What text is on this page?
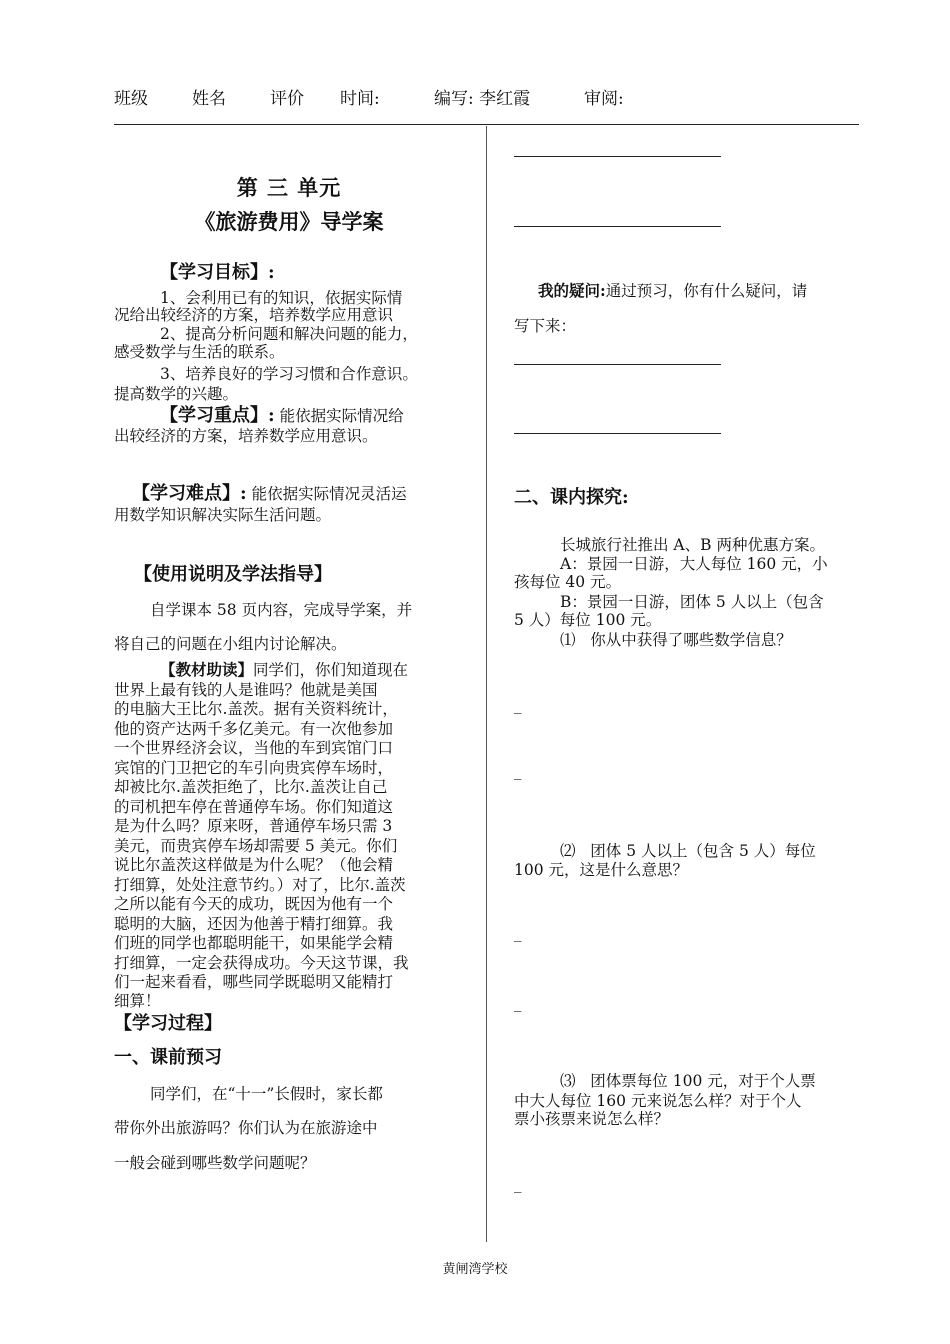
班级	姓名	评价 时间:	编写: 李红霞	审阅:
第 三 单元
《旅游费用》导学案
【学习目标】:
1、会利用已有的知识，依据实际情
况给出较经济的方案，培养数学应用意识
2、提高分析问题和解决问题的能力，
感受数学与生活的联系。
3、培养良好的学习习惯和合作意识。
提高数学的兴趣。
【学习重点】: 能依据实际情况给
出较经济的方案，培养数学应用意识。
【学习难点】: 能依据实际情况灵活运
用数学知识解决实际生活问题。
【使用说明及学法指导】
自学课本 58 页内容，完成导学案，并
将自己的问题在小组内讨论解决。
【教材助读】同学们，你们知道现在
世界上最有钱的人是谁吗？他就是美国
的电脑大王比尔.盖茨。据有关资料统计，
他的资产达两千多亿美元。有一次他参加
一个世界经济会议，当他的车到宾馆门口
宾馆的门卫把它的车引向贵宾停车场时，
却被比尔.盖茨拒绝了，比尔.盖茨让自己
的司机把车停在普通停车场。你们知道这
是为什么吗？原来呀，普通停车场只需 3
美元，而贵宾停车场却需要 5 美元。你们
说比尔盖茨这样做是为什么呢？（他会精
打细算，处处注意节约。）对了，比尔.盖茨
之所以能有今天的成功，既因为他有一个
聪明的大脑，还因为他善于精打细算。我
们班的同学也都聪明能干，如果能学会精
打细算，一定会获得成功。今天这节课，我
们一起来看看，哪些同学既聪明又能精打
细算！
【学习过程】
一、课前预习
同学们，在“十一”长假时，家长都
带你外出旅游吗？你们认为在旅游途中
一般会碰到哪些数学问题呢？
我的疑问:通过预习，你有什么疑问，请
写下来：
二、课内探究:
长城旅行社推出 A、B 两种优惠方案。
A：景园一日游，大人每位 160 元，小
孩每位 40 元。
B：景园一日游，团体 5 人以上（包含
5 人）每位 100 元。
⑴ 你从中获得了哪些数学信息？
_
_
⑵ 团体 5 人以上（包含 5 人）每位
100 元，这是什么意思？
_
_
⑶ 团体票每位 100 元，对于个人票
中大人每位 160 元来说怎么样？对于个人
票小孩票来说怎么样？
_
黄闸湾学校
